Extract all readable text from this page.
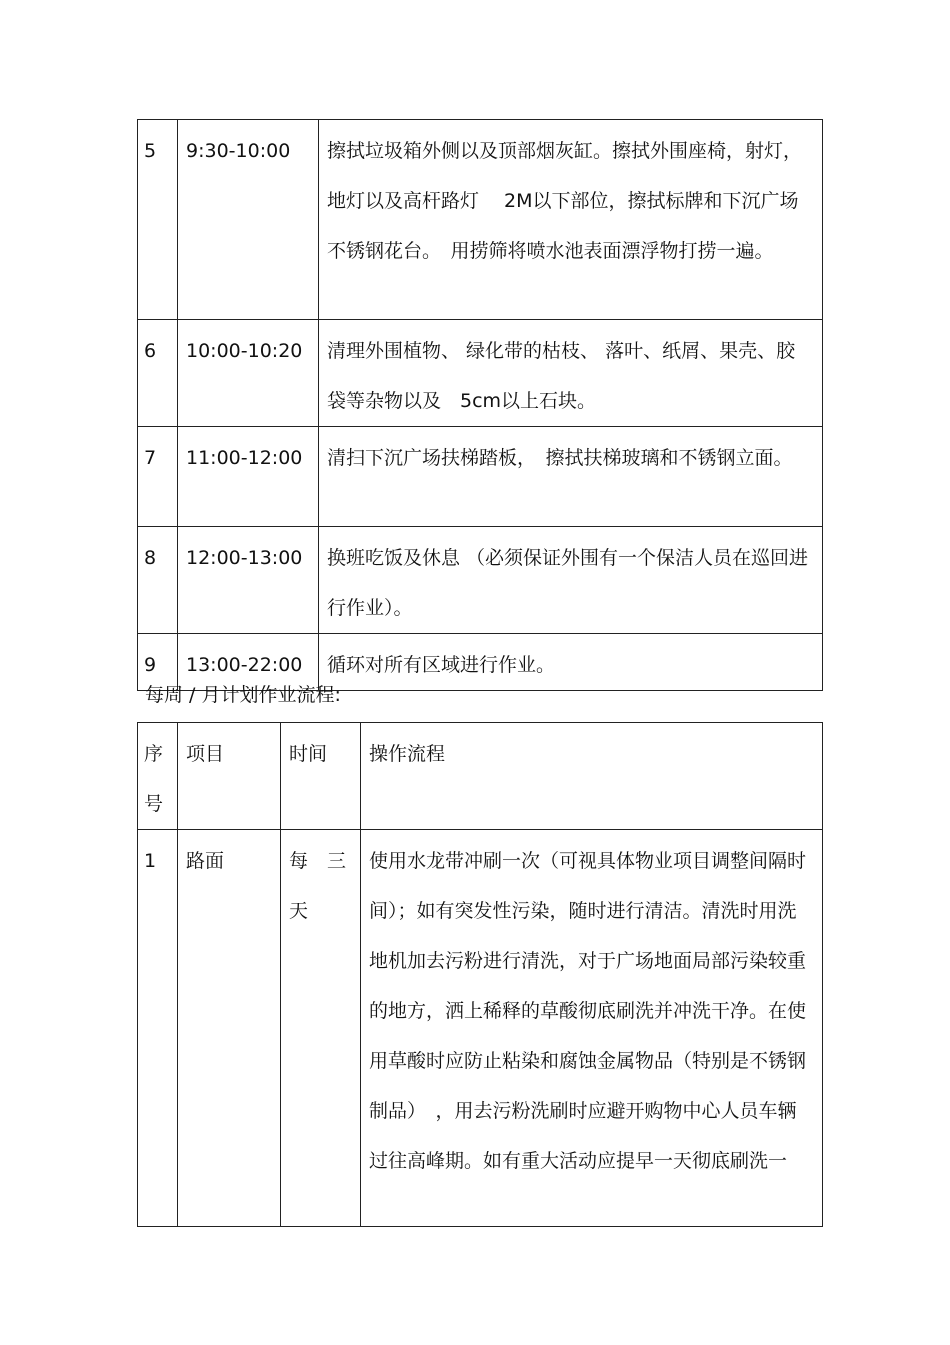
5	9:30-10:00	擦拭垃圾箱外侧以及顶部烟灰缸。擦拭外围座椅，射灯，地灯以及高杆路灯　 2M以下部位，擦拭标牌和下沉广场不锈钢花台。　用捞筛将喷水池表面漂浮物打捞一遍。

6	10:00-10:20	清理外围植物、 绿化带的枯枝、 落叶、纸屑、果壳、胶袋等杂物以及　5cm以上石块。

7	11:00-12:00	清扫下沉广场扶梯踏板，　擦拭扶梯玻璃和不锈钢立面。

8	12:00-13:00	换班吃饭及休息 （必须保证外围有一个保洁人员在巡回进行作业）。

9	13:00-22:00	循环对所有区域进行作业。
每周 / 月计划作业流程:
序号	项目	时间	操作流程

1	路面	每　三天	使用水龙带冲刷一次（可视具体物业项目调整间隔时间）；如有突发性污染，随时进行清洁。清洗时用洗地机加去污粉进行清洗，对于广场地面局部污染较重的地方，洒上稀释的草酸彻底刷洗并冲洗干净。在使用草酸时应防止粘染和腐蚀金属物品（特别是不锈钢制品）　，用去污粉洗刷时应避开购物中心人员车辆过往高峰期。如有重大活动应提早一天彻底刷洗一
